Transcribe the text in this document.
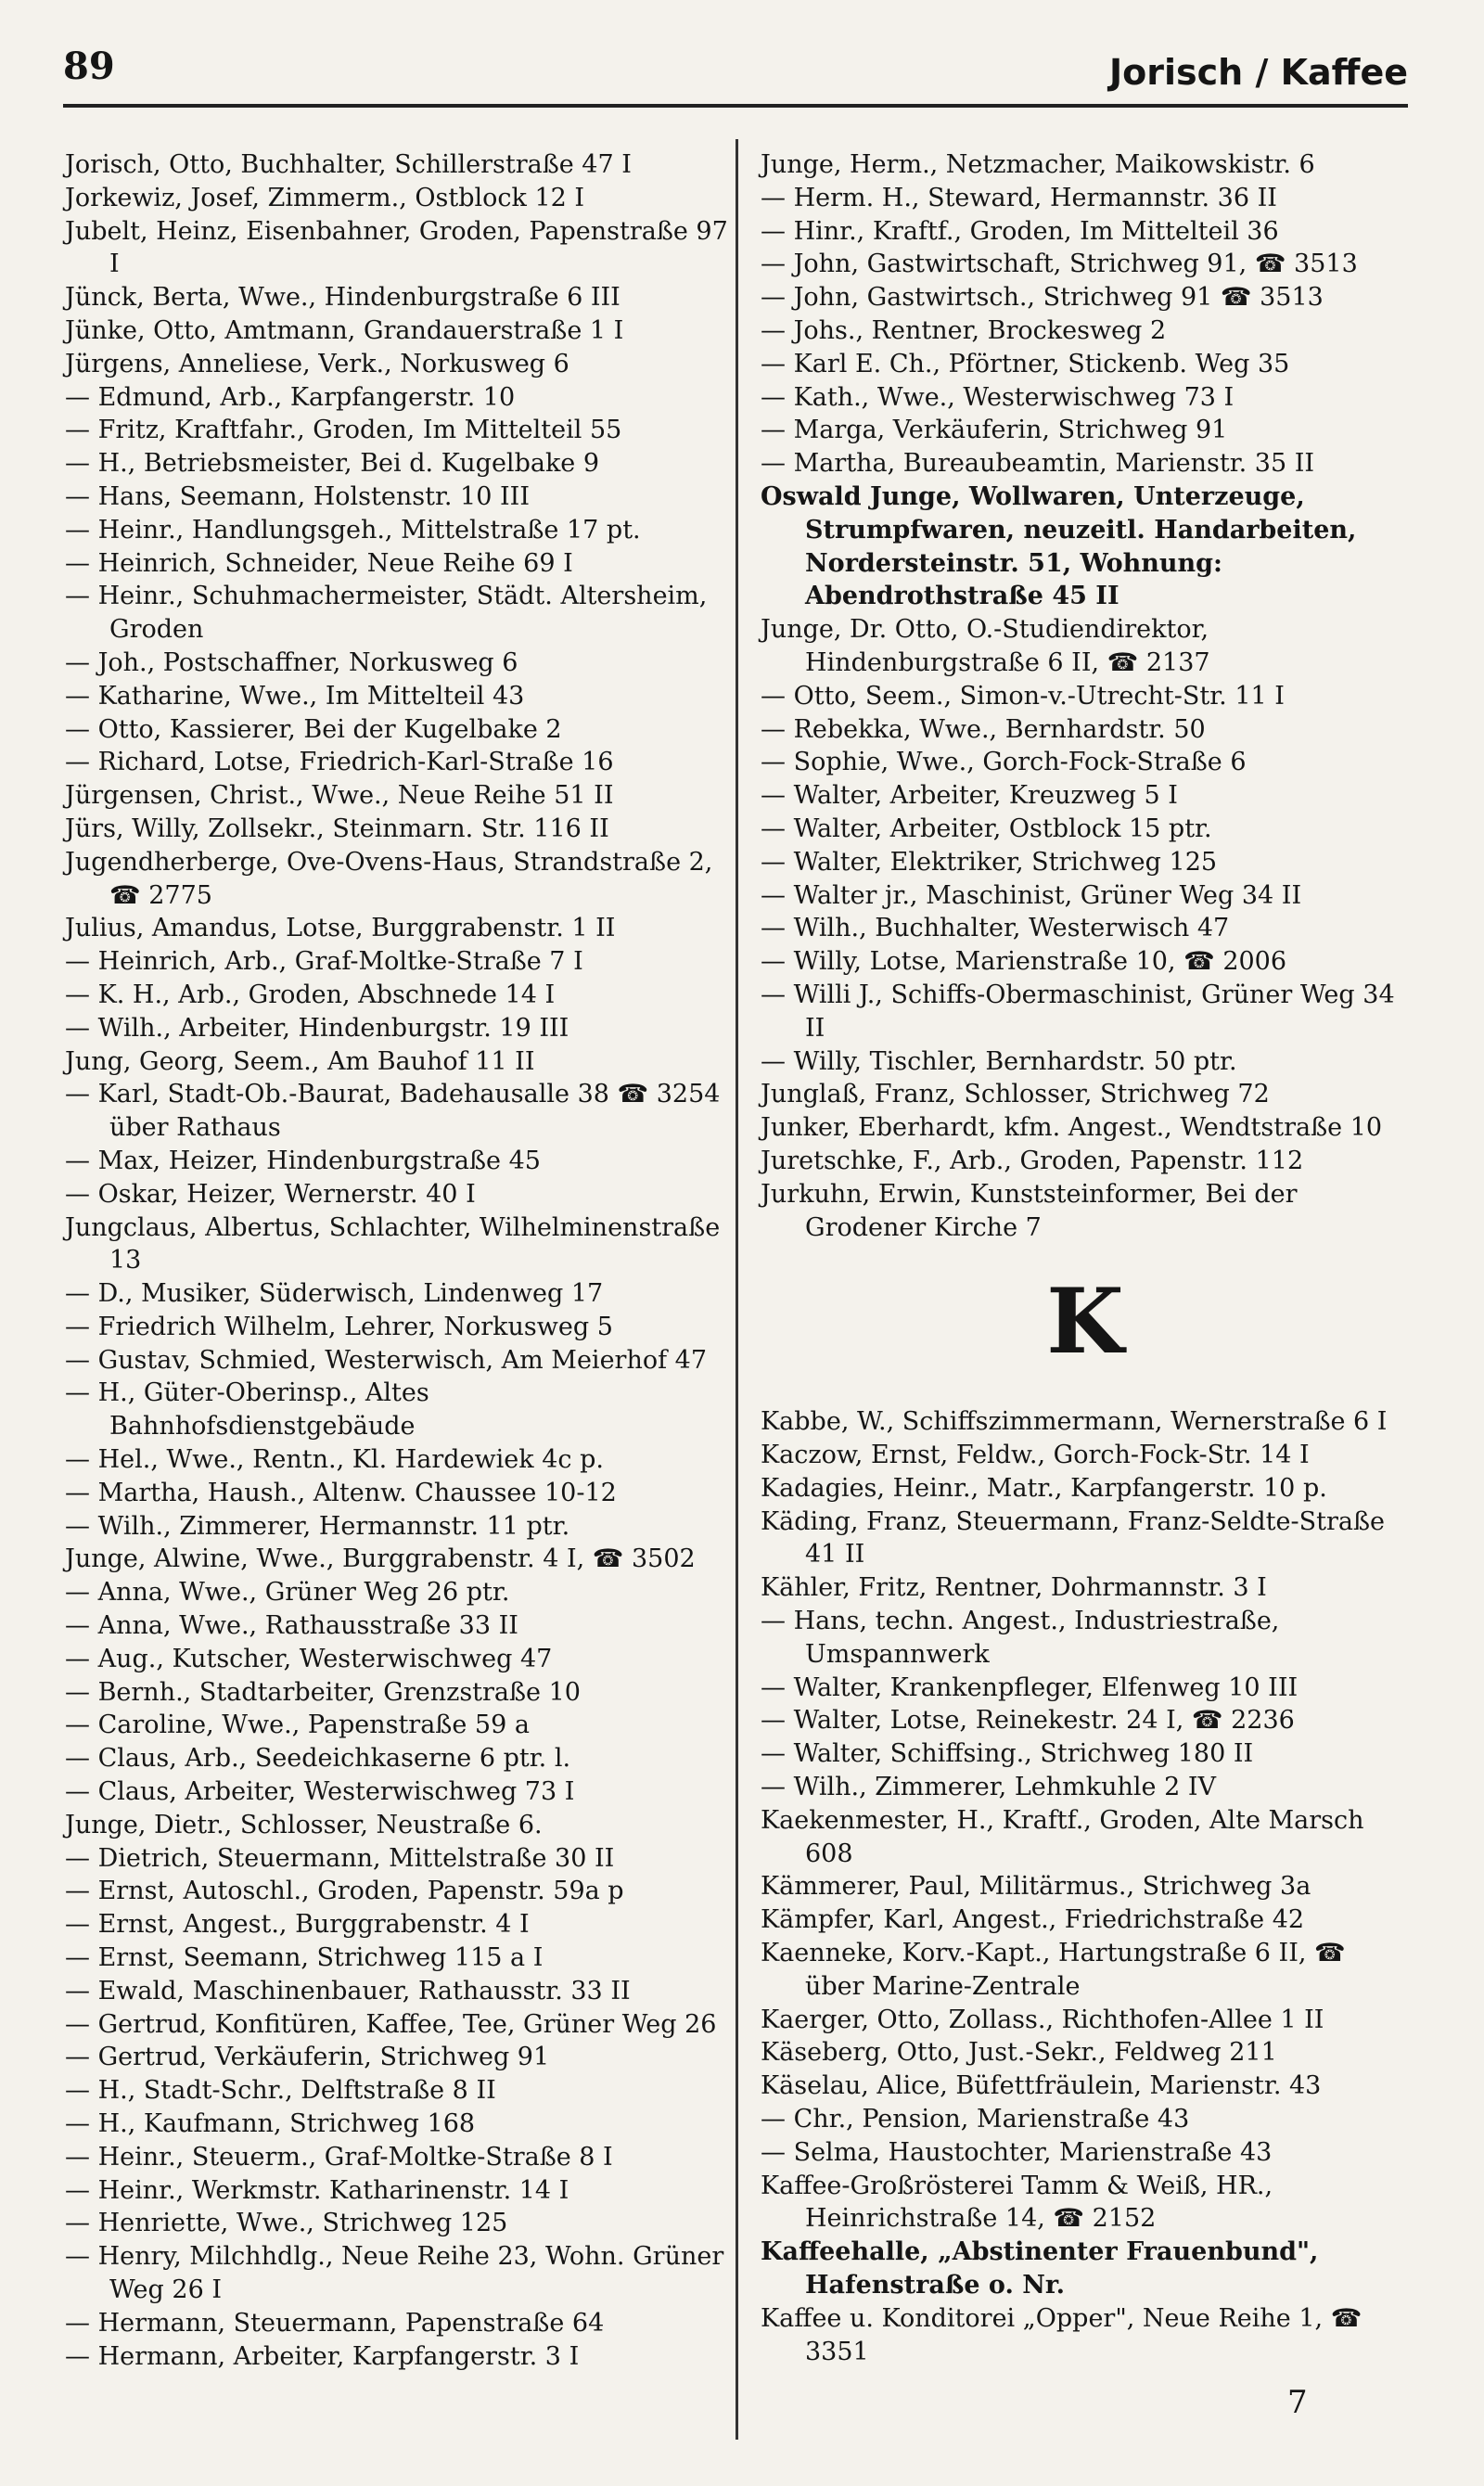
89	Jorisch / Kaffee
Jorisch, Otto, Buchhalter, Schillerstraße 47 I
Jorkewiz, Josef, Zimmerm., Ostblock 12 I
Jubelt, Heinz, Eisenbahner, Groden, Papenstraße 97 I
Jünck, Berta, Wwe., Hindenburgstraße 6 III
Jünke, Otto, Amtmann, Grandauerstraße 1 I
Jürgens, Anneliese, Verk., Norkusweg 6
— Edmund, Arb., Karpfangerstr. 10
— Fritz, Kraftfahr., Groden, Im Mittelteil 55
— H., Betriebsmeister, Bei d. Kugelbake 9
— Hans, Seemann, Holstenstr. 10 III
— Heinr., Handlungsgeh., Mittelstraße 17 pt.
— Heinrich, Schneider, Neue Reihe 69 I
— Heinr., Schuhmachermeister, Städt. Altersheim, Groden
— Joh., Postschaffner, Norkusweg 6
— Katharine, Wwe., Im Mittelteil 43
— Otto, Kassierer, Bei der Kugelbake 2
— Richard, Lotse, Friedrich-Karl-Straße 16
Jürgensen, Christ., Wwe., Neue Reihe 51 II
Jürs, Willy, Zollsekr., Steinmarn. Str. 116 II
Jugendherberge, Ove-Ovens-Haus, Strandstraße 2, ☎ 2775
Julius, Amandus, Lotse, Burggrabenstr. 1 II
— Heinrich, Arb., Graf-Moltke-Straße 7 I
— K. H., Arb., Groden, Abschnede 14 I
— Wilh., Arbeiter, Hindenburgstr. 19 III
Jung, Georg, Seem., Am Bauhof 11 II
— Karl, Stadt-Ob.-Baurat, Badehausalle 38 ☎ 3254 über Rathaus
— Max, Heizer, Hindenburgstraße 45
— Oskar, Heizer, Wernerstr. 40 I
Jungclaus, Albertus, Schlachter, Wilhelminenstraße 13
— D., Musiker, Süderwisch, Lindenweg 17
— Friedrich Wilhelm, Lehrer, Norkusweg 5
— Gustav, Schmied, Westerwisch, Am Meierhof 47
— H., Güter-Oberinsp., Altes Bahnhofsdienstgebäude
— Hel., Wwe., Rentn., Kl. Hardewiek 4c p.
— Martha, Haush., Altenw. Chaussee 10-12
— Wilh., Zimmerer, Hermannstr. 11 ptr.
Junge, Alwine, Wwe., Burggrabenstr. 4 I, ☎ 3502
— Anna, Wwe., Grüner Weg 26 ptr.
— Anna, Wwe., Rathausstraße 33 II
— Aug., Kutscher, Westerwischweg 47
— Bernh., Stadtarbeiter, Grenzstraße 10
— Caroline, Wwe., Papenstraße 59 a
— Claus, Arb., Seedeichkaserne 6 ptr. l.
— Claus, Arbeiter, Westerwischweg 73 I
Junge, Dietr., Schlosser, Neustraße 6.
— Dietrich, Steuermann, Mittelstraße 30 II
— Ernst, Autoschl., Groden, Papenstr. 59a p
— Ernst, Angest., Burggrabenstr. 4 I
— Ernst, Seemann, Strichweg 115 a I
— Ewald, Maschinenbauer, Rathausstr. 33 II
— Gertrud, Konfitüren, Kaffee, Tee, Grüner Weg 26
— Gertrud, Verkäuferin, Strichweg 91
— H., Stadt-Schr., Delftstraße 8 II
— H., Kaufmann, Strichweg 168
— Heinr., Steuerm., Graf-Moltke-Straße 8 I
— Heinr., Werkmstr. Katharinenstr. 14 I
— Henriette, Wwe., Strichweg 125
— Henry, Milchhdlg., Neue Reihe 23, Wohn. Grüner Weg 26 I
— Hermann, Steuermann, Papenstraße 64
— Hermann, Arbeiter, Karpfangerstr. 3 I
Junge, Herm., Netzmacher, Maikowskistr. 6
— Herm. H., Steward, Hermannstr. 36 II
— Hinr., Kraftf., Groden, Im Mittelteil 36
— John, Gastwirtschaft, Strichweg 91, ☎ 3513
— John, Gastwirtsch., Strichweg 91 ☎ 3513
— Johs., Rentner, Brockesweg 2
— Karl E. Ch., Pförtner, Stickenb. Weg 35
— Kath., Wwe., Westerwischweg 73 I
— Marga, Verkäuferin, Strichweg 91
— Martha, Bureaubeamtin, Marienstr. 35 II
Oswald Junge, Wollwaren, Unterzeuge, Strumpfwaren, neuzeitl. Handarbeiten, Nordersteinstr. 51, Wohnung: Abendrothstraße 45 II
Junge, Dr. Otto, O.-Studiendirektor, Hindenburgstraße 6 II, ☎ 2137
— Otto, Seem., Simon-v.-Utrecht-Str. 11 I
— Rebekka, Wwe., Bernhardstr. 50
— Sophie, Wwe., Gorch-Fock-Straße 6
— Walter, Arbeiter, Kreuzweg 5 I
— Walter, Arbeiter, Ostblock 15 ptr.
— Walter, Elektriker, Strichweg 125
— Walter jr., Maschinist, Grüner Weg 34 II
— Wilh., Buchhalter, Westerwisch 47
— Willy, Lotse, Marienstraße 10, ☎ 2006
— Willi J., Schiffs-Obermaschinist, Grüner Weg 34 II
— Willy, Tischler, Bernhardstr. 50 ptr.
Junglaß, Franz, Schlosser, Strichweg 72
Junker, Eberhardt, kfm. Angest., Wendtstraße 10
Juretschke, F., Arb., Groden, Papenstr. 112
Jurkuhn, Erwin, Kunststeinformer, Bei der Grodener Kirche 7
K
Kabbe, W., Schiffszimmermann, Wernerstraße 6 I
Kaczow, Ernst, Feldw., Gorch-Fock-Str. 14 I
Kadagies, Heinr., Matr., Karpfangerstr. 10 p.
Käding, Franz, Steuermann, Franz-Seldte-Straße 41 II
Kähler, Fritz, Rentner, Dohrmannstr. 3 I
— Hans, techn. Angest., Industriestraße, Umspannwerk
— Walter, Krankenpfleger, Elfenweg 10 III
— Walter, Lotse, Reinekestr. 24 I, ☎ 2236
— Walter, Schiffsing., Strichweg 180 II
— Wilh., Zimmerer, Lehmkuhle 2 IV
Kaekenmester, H., Kraftf., Groden, Alte Marsch 608
Kämmerer, Paul, Militärmus., Strichweg 3a
Kämpfer, Karl, Angest., Friedrichstraße 42
Kaenneke, Korv.-Kapt., Hartungstraße 6 II, ☎ über Marine-Zentrale
Kaerger, Otto, Zollass., Richthofen-Allee 1 II
Käseberg, Otto, Just.-Sekr., Feldweg 211
Käselau, Alice, Büfettfräulein, Marienstr. 43
— Chr., Pension, Marienstraße 43
— Selma, Haustochter, Marienstraße 43
Kaffee-Großrösterei Tamm & Weiß, HR., Heinrichstraße 14, ☎ 2152
Kaffeehalle, „Abstinenter Frauenbund", Hafenstraße o. Nr.
Kaffee u. Konditorei „Opper", Neue Reihe 1, ☎ 3351
7
